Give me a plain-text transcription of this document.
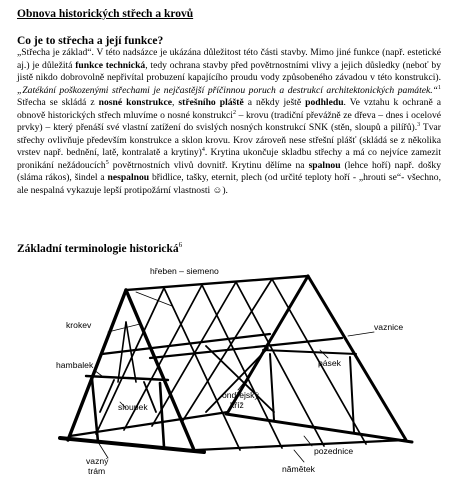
Obnova historických střech a krovů
Co je to střecha a její funkce?
„Střecha je základ“. V této nadsázce je ukázána důležitost této části stavby. Mimo jiné funkce (např. estetické aj.) je důležitá funkce technická, tedy ochrana stavby před povětrnostními vlivy a jejich důsledky (neboť by jistě nikdo dobrovolně nepřivítal probuzení kapajícího proudu vody způsobeného závadou v této konstrukci). „Zatékání poškozenými střechami je nejčastější příčinnou poruch a destrukcí architektonických památek.“$^1$ Střecha se skládá z nosné konstrukce, střešního pláště a někdy ještě podhledu. Ve vztahu k ochraně a obnově historických střech mluvíme o nosné konstrukci$^2$ – krovu (tradiční převážně ze dřeva – dnes i ocelové prvky) – který přenáší své vlastní zatížení do svislých nosných konstrukcí SNK (stěn, sloupů a pilířů).$^3$ Tvar střechy ovlivňuje především konstrukce a sklon krovu. Krov zároveň nese střešní plášť (skládá se z několika vrstev např. bednění, latě, kontralatě a krytiny)$^4$. Krytina ukončuje skladbu střechy a má co nejvíce zamezit pronikání nežádoucích$^5$ povětrnostních vlivů dovnitř. Krytinu dělíme na spalnou (lehce hoří) např. došky (sláma rákos), šindel a nespalnou břidlice, tašky, eternit, plech (od určité teploty hoří - „hrouti se“- všechno, ale nespalná vykazuje lepší protipožární vlastnosti ☺).
Základní terminologie historická$^6$
hřeben – siemeno
krokev	vaznice
pásek
hambalek
ondřejský
kříž
sloupek
vazný
trám
pozednice
nămětek
